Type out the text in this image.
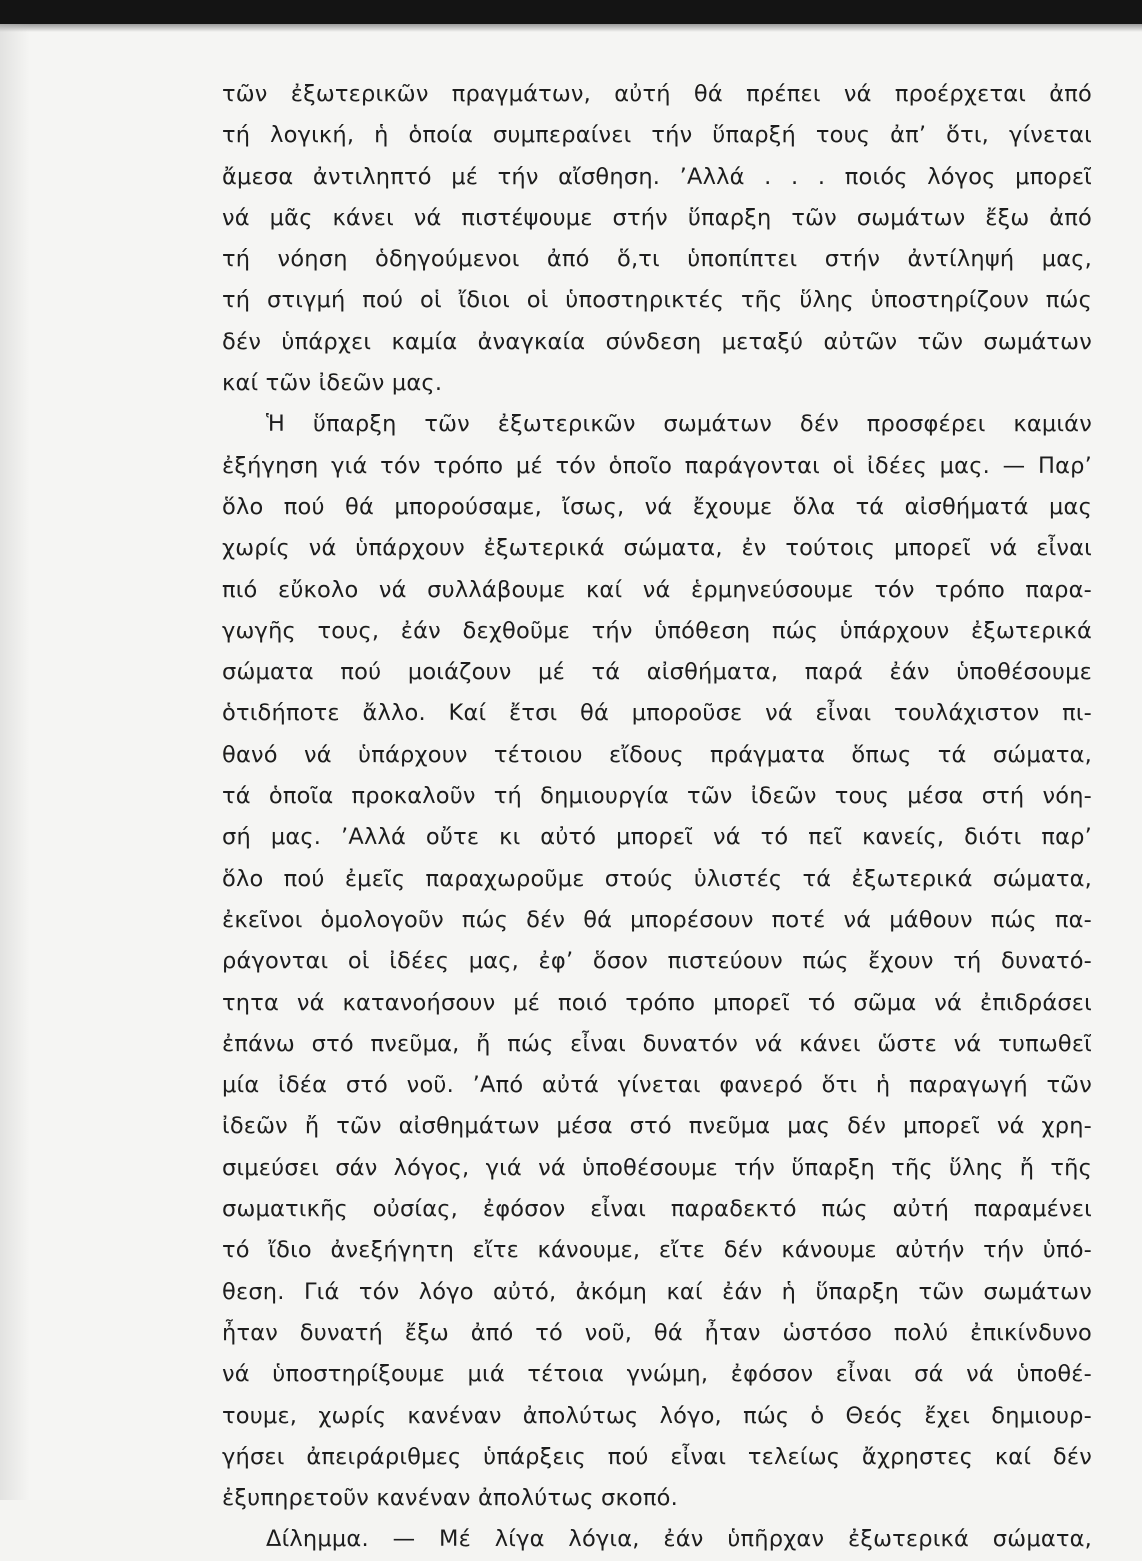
τῶν ἐξωτερικῶν πραγμάτων, αὐτή θά πρέπει νά προέρχεται ἀπό
τή λογική, ἡ ὁποία συμπεραίνει τήν ὕπαρξή τους ἀπ’ ὅτι, γίνεται
ἄμεσα ἀντιληπτό μέ τήν αἴσθηση. ’Αλλά . . . ποιός λόγος μπορεῖ
νά μᾶς κάνει νά πιστέψουμε στήν ὕπαρξη τῶν σωμάτων ἔξω ἀπό
τή νόηση ὁδηγούμενοι ἀπό ὅ,τι ὑποπίπτει στήν ἀντίληψή μας,
τή στιγμή πού οἱ ἴδιοι οἱ ὑποστηρικτές τῆς ὕλης ὑποστηρίζουν πώς
δέν ὑπάρχει καμία ἀναγκαία σύνδεση μεταξύ αὐτῶν τῶν σωμάτων
καί τῶν ἰδεῶν μας.
Ἡ ὕπαρξη τῶν ἐξωτερικῶν σωμάτων δέν προσφέρει καμιάν
ἐξήγηση γιά τόν τρόπο μέ τόν ὁποῖο παράγονται οἱ ἰδέες μας. — Παρ’
ὅλο πού θά μπορούσαμε, ἴσως, νά ἔχουμε ὅλα τά αἰσθήματά μας
χωρίς νά ὑπάρχουν ἐξωτερικά σώματα, ἐν τούτοις μπορεῖ νά εἶναι
πιό εὔκολο νά συλλάβουμε καί νά ἑρμηνεύσουμε τόν τρόπο παρα-
γωγῆς τους, ἐάν δεχθοῦμε τήν ὑπόθεση πώς ὑπάρχουν ἐξωτερικά
σώματα πού μοιάζουν μέ τά αἰσθήματα, παρά ἐάν ὑποθέσουμε
ὁτιδήποτε ἄλλο. Καί ἔτσι θά μποροῦσε νά εἶναι τουλάχιστον πι-
θανό νά ὑπάρχουν τέτοιου εἴδους πράγματα ὅπως τά σώματα,
τά ὁποῖα προκαλοῦν τή δημιουργία τῶν ἰδεῶν τους μέσα στή νόη-
σή μας. ’Αλλά οὔτε κι αὐτό μπορεῖ νά τό πεῖ κανείς, διότι παρ’
ὅλο πού ἐμεῖς παραχωροῦμε στούς ὑλιστές τά ἐξωτερικά σώματα,
ἐκεῖνοι ὁμολογοῦν πώς δέν θά μπορέσουν ποτέ νά μάθουν πώς πα-
ράγονται οἱ ἰδέες μας, ἐφ’ ὅσον πιστεύουν πώς ἔχουν τή δυνατό-
τητα νά κατανοήσουν μέ ποιό τρόπο μπορεῖ τό σῶμα νά ἐπιδράσει
ἐπάνω στό πνεῦμα, ἤ πώς εἶναι δυνατόν νά κάνει ὥστε νά τυπωθεῖ
μία ἰδέα στό νοῦ. ’Από αὐτά γίνεται φανερό ὅτι ἡ παραγωγή τῶν
ἰδεῶν ἤ τῶν αἰσθημάτων μέσα στό πνεῦμα μας δέν μπορεῖ νά χρη-
σιμεύσει σάν λόγος, γιά νά ὑποθέσουμε τήν ὕπαρξη τῆς ὕλης ἤ τῆς
σωματικῆς οὐσίας, ἐφόσον εἶναι παραδεκτό πώς αὐτή παραμένει
τό ἴδιο ἀνεξήγητη εἴτε κάνουμε, εἴτε δέν κάνουμε αὐτήν τήν ὑπό-
θεση. Γιά τόν λόγο αὐτό, ἀκόμη καί ἐάν ἡ ὕπαρξη τῶν σωμάτων
ἦταν δυνατή ἔξω ἀπό τό νοῦ, θά ἦταν ὡστόσο πολύ ἐπικίνδυνο
νά ὑποστηρίξουμε μιά τέτοια γνώμη, ἐφόσον εἶναι σά νά ὑποθέ-
τουμε, χωρίς κανέναν ἀπολύτως λόγο, πώς ὁ Θεός ἔχει δημιουρ-
γήσει ἀπειράριθμες ὑπάρξεις πού εἶναι τελείως ἄχρηστες καί δέν
ἐξυπηρετοῦν κανέναν ἀπολύτως σκοπό.
Δίλημμα. — Μέ λίγα λόγια, ἐάν ὑπῆρχαν ἐξωτερικά σώματα,
